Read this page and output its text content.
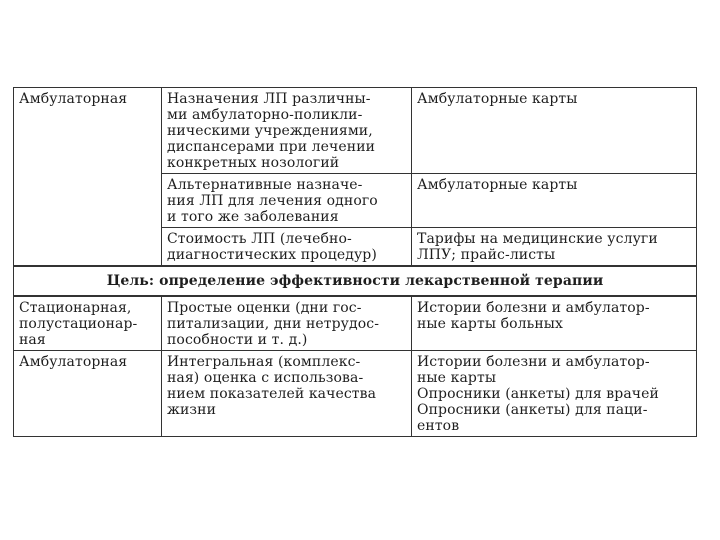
Амбулаторная	Назначения ЛП различны-
ми амбулаторно-поликли-
ническими учреждениями,
диспансерами при лечении
конкретных нозологий	Амбулаторные карты

	Альтернативные назначе-
ния ЛП для лечения одного
и того же заболевания	Амбулаторные карты

	Стоимость ЛП (лечебно-
диагностических процедур)	Тарифы на медицинские услуги
ЛПУ; прайс-листы

Цель: определение эффективности лекарственной терапии		

Стационарная,
полустационар-
ная	Простые оценки (дни гос-
питализации, дни нетрудос-
пособности и т. д.)	Истории болезни и амбулатор-
ные карты больных

Амбулаторная	Интегральная (комплекс-
ная) оценка с использова-
нием показателей качества
жизни	Истории болезни и амбулатор-
ные карты
Опросники (анкеты) для врачей
Опросники (анкеты) для паци-
ентов
